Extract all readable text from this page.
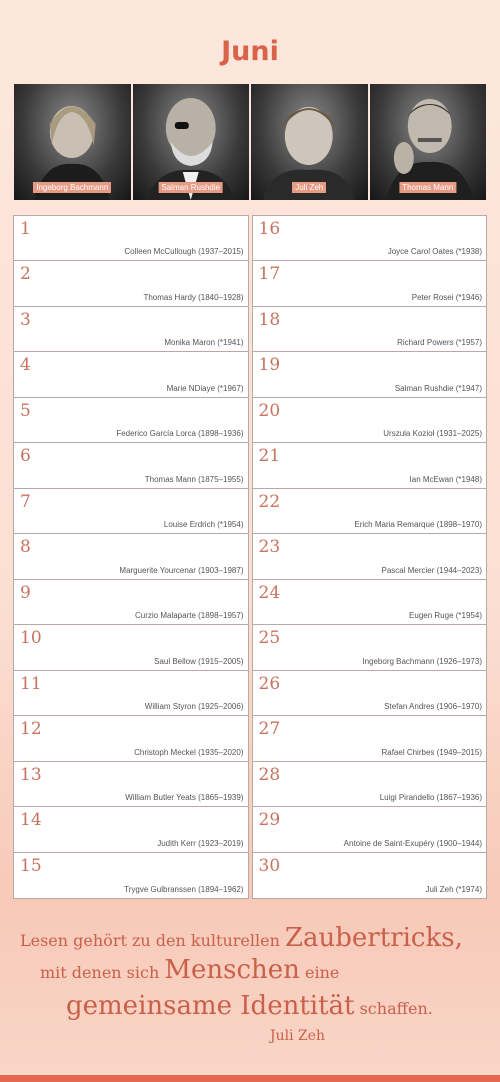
Juni
Ingeborg Bachmann	Salman Rushdie	Juli Zeh	Thomas Mann
1
Colleen McCullough (1937–2015)
2
Thomas Hardy (1840–1928)
3
Monika Maron (*1941)
4
Marie NDiaye (*1967)
5
Federico García Lorca (1898–1936)
6
Thomas Mann (1875–1955)
7
Louise Erdrich (*1954)
8
Marguerite Yourcenar (1903–1987)
9
Curzio Malaparte (1898–1957)
10
Saul Bellow (1915–2005)
11
William Styron (1925–2006)
12
Christoph Meckel (1935–2020)
13
William Butler Yeats (1865–1939)
14
Judith Kerr (1923–2019)
15
Trygve Gulbranssen (1894–1962)
16
Joyce Carol Oates (*1938)
17
Peter Rosei (*1946)
18
Richard Powers (*1957)
19
Salman Rushdie (*1947)
20
Urszula Kozioł (1931–2025)
21
Ian McEwan (*1948)
22
Erich Maria Remarque (1898–1970)
23
Pascal Mercier (1944–2023)
24
Eugen Ruge (*1954)
25
Ingeborg Bachmann (1926–1973)
26
Stefan Andres (1906–1970)
27
Rafael Chirbes (1949–2015)
28
Luigi Pirandello (1867–1936)
29
Antoine de Saint-Exupéry (1900–1944)
30
Juli Zeh (*1974)
Lesen gehört zu den kulturellen Zaubertricks,
mit denen sich Menschen eine
gemeinsame Identität schaffen.
Juli Zeh
